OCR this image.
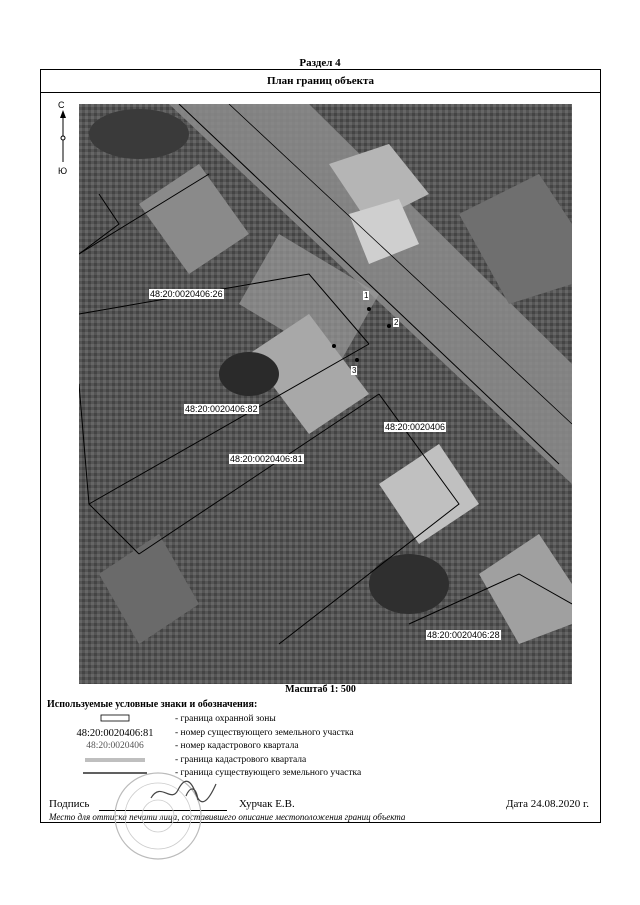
Раздел 4
План границ объекта
С
Ю
48:20:0020406:26
48:20:0020406:82
48:20:0020406:81
48:20:0020406
48:20:0020406:28
1
2
3
Масштаб 1: 500
Используемые условные знаки и обозначения:
- граница охранной зоны
48:20:0020406:81	- номер существующего земельного участка
48:20:0020406	- номер кадастрового квартала
- граница кадастрового квартала
- граница существующего земельного участка
Подпись	Хурчак Е.В.	Дата 24.08.2020 г.
Место для оттиска печати лица, составившего описание местоположения границ объекта
